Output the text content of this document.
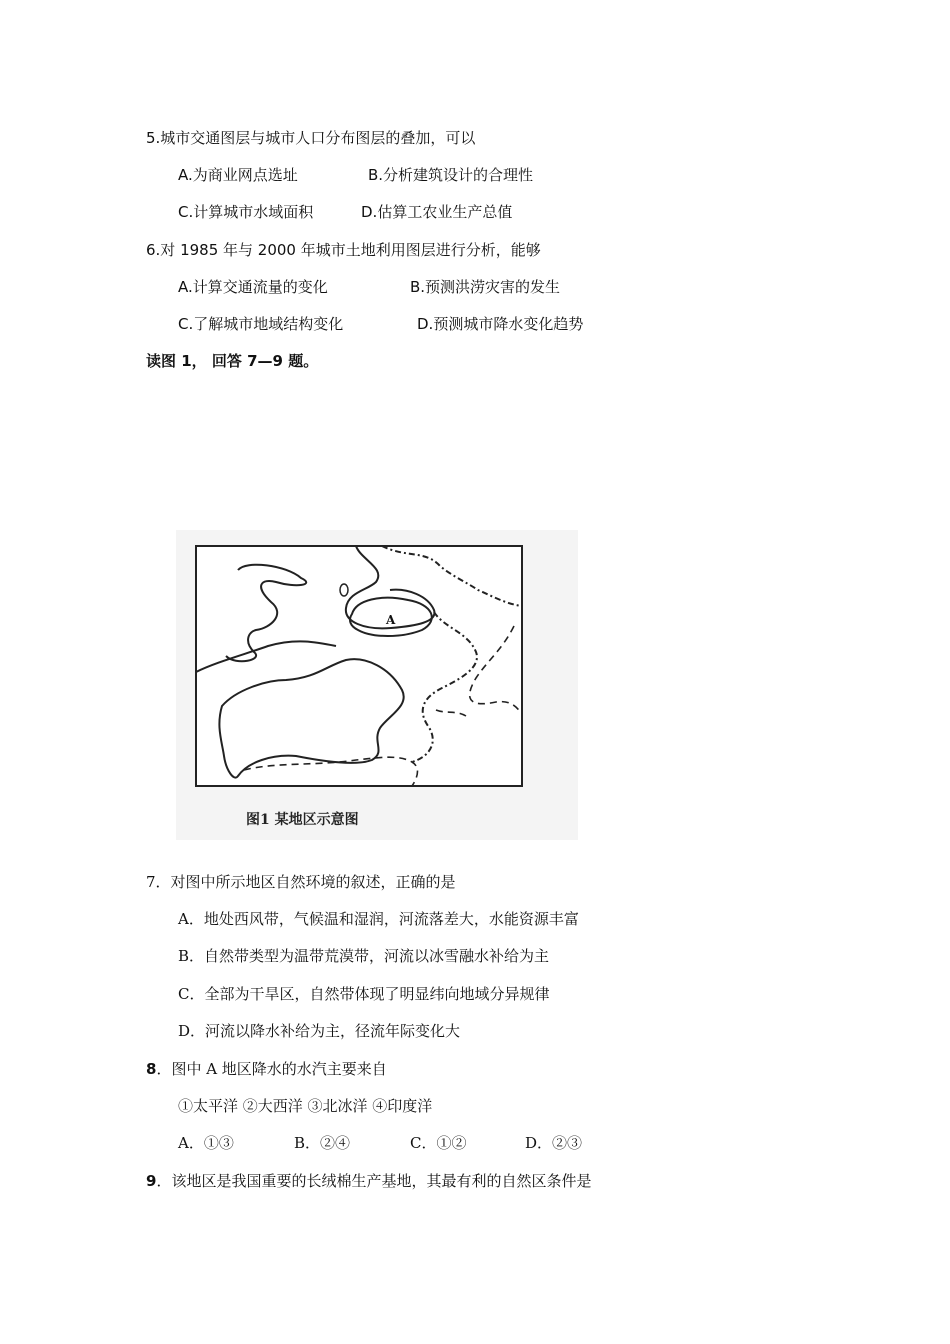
5.城市交通图层与城市人口分布图层的叠加，可以
A.为商业网点选址	B.分析建筑设计的合理性
C.计算城市水域面积	D.估算工农业生产总值
6.对 1985 年与 2000 年城市土地利用图层进行分析，能够
A.计算交通流量的变化	B.预测洪涝灾害的发生
C.了解城市地域结构变化	D.预测城市降水变化趋势
读图 1， 回答 7—9 题。
A
图1 某地区示意图
7．对图中所示地区自然环境的叙述，正确的是
A．地处西风带，气候温和湿润，河流落差大，水能资源丰富
B．自然带类型为温带荒漠带，河流以冰雪融水补给为主
C．全部为干旱区，自然带体现了明显纬向地域分异规律
D．河流以降水补给为主，径流年际变化大
8．图中 A 地区降水的水汽主要来自
①太平洋 ②大西洋 ③北冰洋 ④印度洋
A．①③	B．②④	C．①②	D．②③
9．该地区是我国重要的长绒棉生产基地，其最有利的自然区条件是
